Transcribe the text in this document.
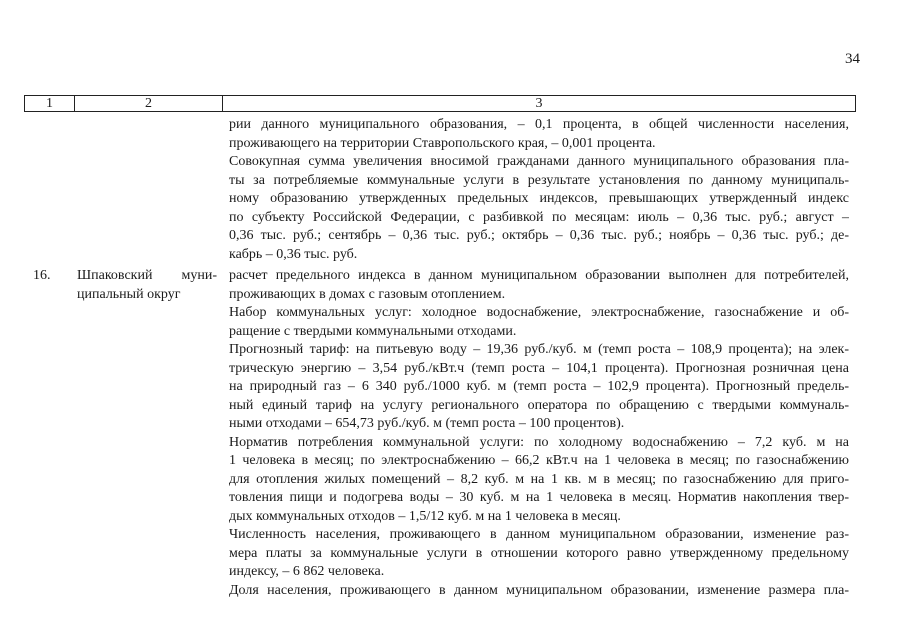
34
1	2	3
рии данного муниципального образования, – 0,1 процента, в общей численности населения,
проживающего на территории Ставропольского края, – 0,001 процента.
Совокупная сумма увеличения вносимой гражданами данного муниципального образования пла-
ты за потребляемые коммунальные услуги в результате установления по данному муниципаль-
ному образованию утвержденных предельных индексов, превышающих утвержденный индекс
по субъекту Российской Федерации, с разбивкой по месяцам: июль – 0,36 тыс. руб.; август –
0,36 тыс. руб.; сентябрь – 0,36 тыс. руб.; октябрь – 0,36 тыс. руб.; ноябрь – 0,36 тыс. руб.; де-
кабрь – 0,36 тыс. руб.
16. Шпаковский муни-
ципальный округ
расчет предельного индекса в данном муниципальном образовании выполнен для потребителей,
проживающих в домах с газовым отоплением.
Набор коммунальных услуг: холодное водоснабжение, электроснабжение, газоснабжение и об-
ращение с твердыми коммунальными отходами.
Прогнозный тариф: на питьевую воду – 19,36 руб./куб. м (темп роста – 108,9 процента); на элек-
трическую энергию – 3,54 руб./кВт.ч (темп роста – 104,1 процента). Прогнозная розничная цена
на природный газ – 6 340 руб./1000 куб. м (темп роста – 102,9 процента). Прогнозный предель-
ный единый тариф на услугу регионального оператора по обращению с твердыми коммуналь-
ными отходами – 654,73 руб./куб. м (темп роста – 100 процентов).
Норматив потребления коммунальной услуги: по холодному водоснабжению – 7,2 куб. м на
1 человека в месяц; по электроснабжению – 66,2 кВт.ч на 1 человека в месяц; по газоснабжению
для отопления жилых помещений – 8,2 куб. м на 1 кв. м в месяц; по газоснабжению для приго-
товления пищи и подогрева воды – 30 куб. м на 1 человека в месяц. Норматив накопления твер-
дых коммунальных отходов – 1,5/12 куб. м на 1 человека в месяц.
Численность населения, проживающего в данном муниципальном образовании, изменение раз-
мера платы за коммунальные услуги в отношении которого равно утвержденному предельному
индексу, – 6 862 человека.
Доля населения, проживающего в данном муниципальном образовании, изменение размера пла-
